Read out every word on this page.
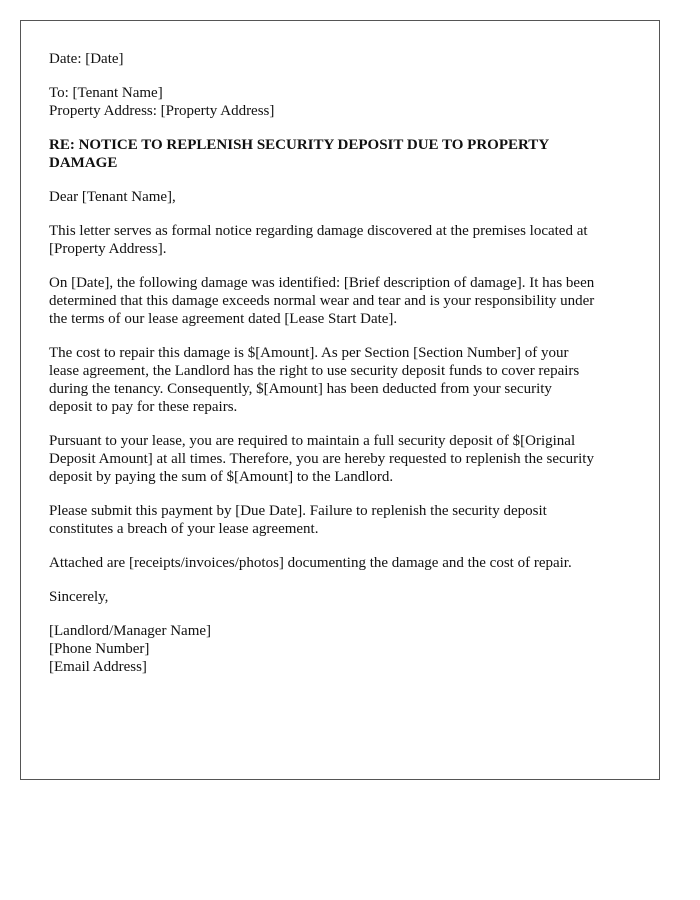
Date: [Date]

To: [Tenant Name]

Property Address: [Property Address]

RE: NOTICE TO REPLENISH SECURITY DEPOSIT DUE TO PROPERTY

DAMAGE

Dear [Tenant Name],

This letter serves as formal notice regarding damage discovered at the premises located at

[Property Address].

On [Date], the following damage was identified: [Brief description of damage]. It has been

determined that this damage exceeds normal wear and tear and is your responsibility under

the terms of our lease agreement dated [Lease Start Date].

The cost to repair this damage is $[Amount]. As per Section [Section Number] of your

lease agreement, the Landlord has the right to use security deposit funds to cover repairs

during the tenancy. Consequently, $[Amount] has been deducted from your security

deposit to pay for these repairs.

Pursuant to your lease, you are required to maintain a full security deposit of $[Original

Deposit Amount] at all times. Therefore, you are hereby requested to replenish the security

deposit by paying the sum of $[Amount] to the Landlord.

Please submit this payment by [Due Date]. Failure to replenish the security deposit

constitutes a breach of your lease agreement.

Attached are [receipts/invoices/photos] documenting the damage and the cost of repair.

Sincerely,

[Landlord/Manager Name]

[Phone Number]

[Email Address]
